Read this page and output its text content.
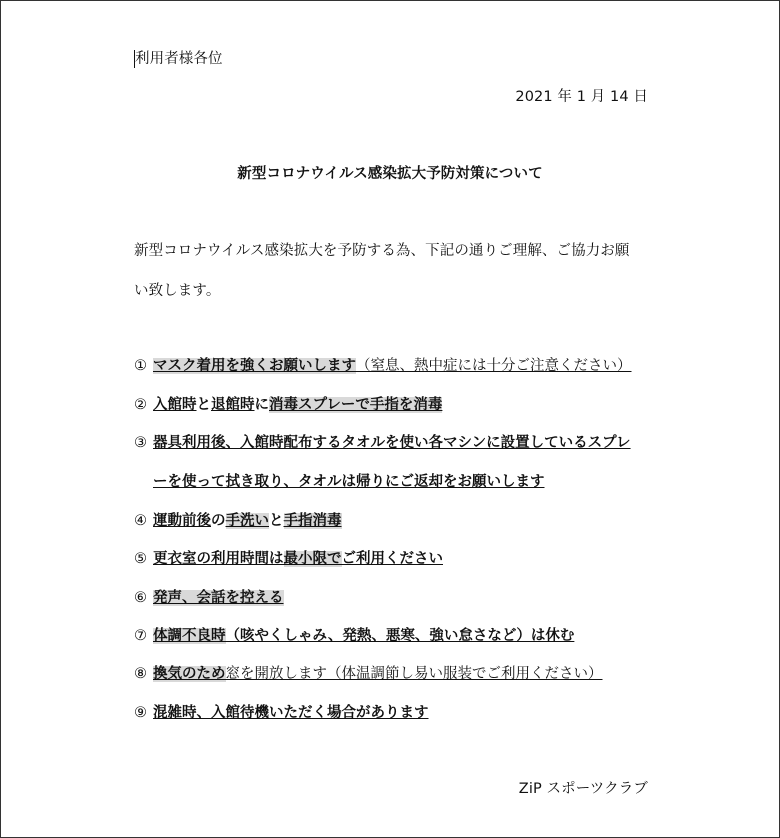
利用者様各位
2021 年 1 月 14 日
新型コロナウイルス感染拡大予防対策について
新型コロナウイルス感染拡大を予防する為、下記の通りご理解、ご協力お願
い致します。
① マスク着用を強くお願いします（窒息、熱中症には十分ご注意ください）
② 入館時と退館時に消毒スプレーで手指を消毒
③ 器具利用後、入館時配布するタオルを使い各マシンに設置しているスプレ
ーを使って拭き取り、タオルは帰りにご返却をお願いします
④ 運動前後の手洗いと手指消毒
⑤ 更衣室の利用時間は最小限でご利用ください
⑥ 発声、会話を控える
⑦ 体調不良時（咳やくしゃみ、発熱、悪寒、強い怠さなど）は休む
⑧ 換気のため窓を開放します（体温調節し易い服装でご利用ください）
⑨ 混雑時、入館待機いただく場合があります
ZiP スポーツクラブ
